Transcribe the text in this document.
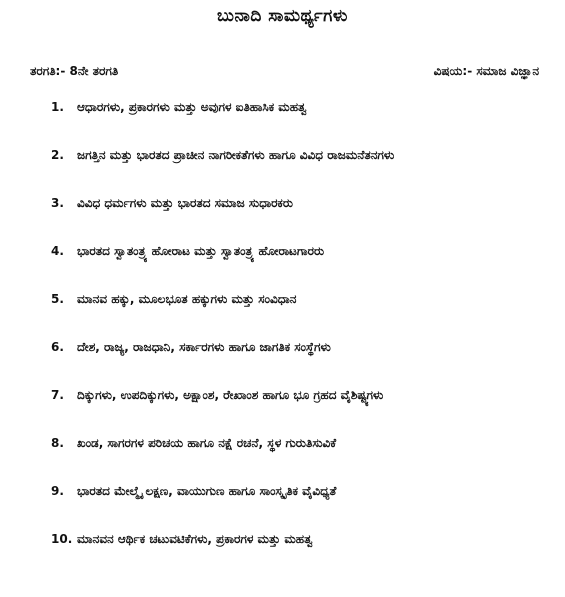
ಬುನಾದಿ ಸಾಮರ್ಥ್ಯಗಳು
ತರಗತಿ:- 8ನೇ ತರಗತಿ	ವಿಷಯ:- ಸಮಾಜ ವಿಜ್ಞಾನ
1.	ಆಧಾರಗಳು, ಪ್ರಕಾರಗಳು ಮತ್ತು ಅವುಗಳ ಐತಿಹಾಸಿಕ ಮಹತ್ವ
2.	ಜಗತ್ತಿನ ಮತ್ತು ಭಾರತದ ಪ್ರಾಚೀನ ನಾಗರೀಕತೆಗಳು ಹಾಗೂ ವಿವಿಧ ರಾಜಮನೆತನಗಳು
3.	ವಿವಿಧ ಧರ್ಮಗಳು ಮತ್ತು ಭಾರತದ ಸಮಾಜ ಸುಧಾರಕರು
4.	ಭಾರತದ ಸ್ವಾತಂತ್ರ್ಯ ಹೋರಾಟ ಮತ್ತು ಸ್ವಾತಂತ್ರ್ಯ ಹೋರಾಟಗಾರರು
5.	ಮಾನವ ಹಕ್ಕು, ಮೂಲಭೂತ ಹಕ್ಕುಗಳು ಮತ್ತು ಸಂವಿಧಾನ
6.	ದೇಶ, ರಾಜ್ಯ, ರಾಜಧಾನಿ, ಸರ್ಕಾರಗಳು ಹಾಗೂ ಜಾಗತಿಕ ಸಂಸ್ಥೆಗಳು
7.	ದಿಕ್ಕುಗಳು, ಉಪದಿಕ್ಕುಗಳು, ಅಕ್ಷಾಂಶ, ರೇಖಾಂಶ ಹಾಗೂ ಭೂ ಗ್ರಹದ ವೈಶಿಷ್ಟ್ಯಗಳು
8.	ಖಂಡ, ಸಾಗರಗಳ ಪರಿಚಯ ಹಾಗೂ ನಕ್ಷೆ ರಚನೆ, ಸ್ಥಳ ಗುರುತಿಸುವಿಕೆ
9.	ಭಾರತದ ಮೇಲ್ಮೈ ಲಕ್ಷಣ, ವಾಯುಗುಣ ಹಾಗೂ ಸಾಂಸ್ಕೃತಿಕ ವೈವಿಧ್ಯತೆ
10. ಮಾನವನ ಆರ್ಥಿಕ ಚಟುವಟಿಕೆಗಳು, ಪ್ರಕಾರಗಳ ಮತ್ತು ಮಹತ್ವ
